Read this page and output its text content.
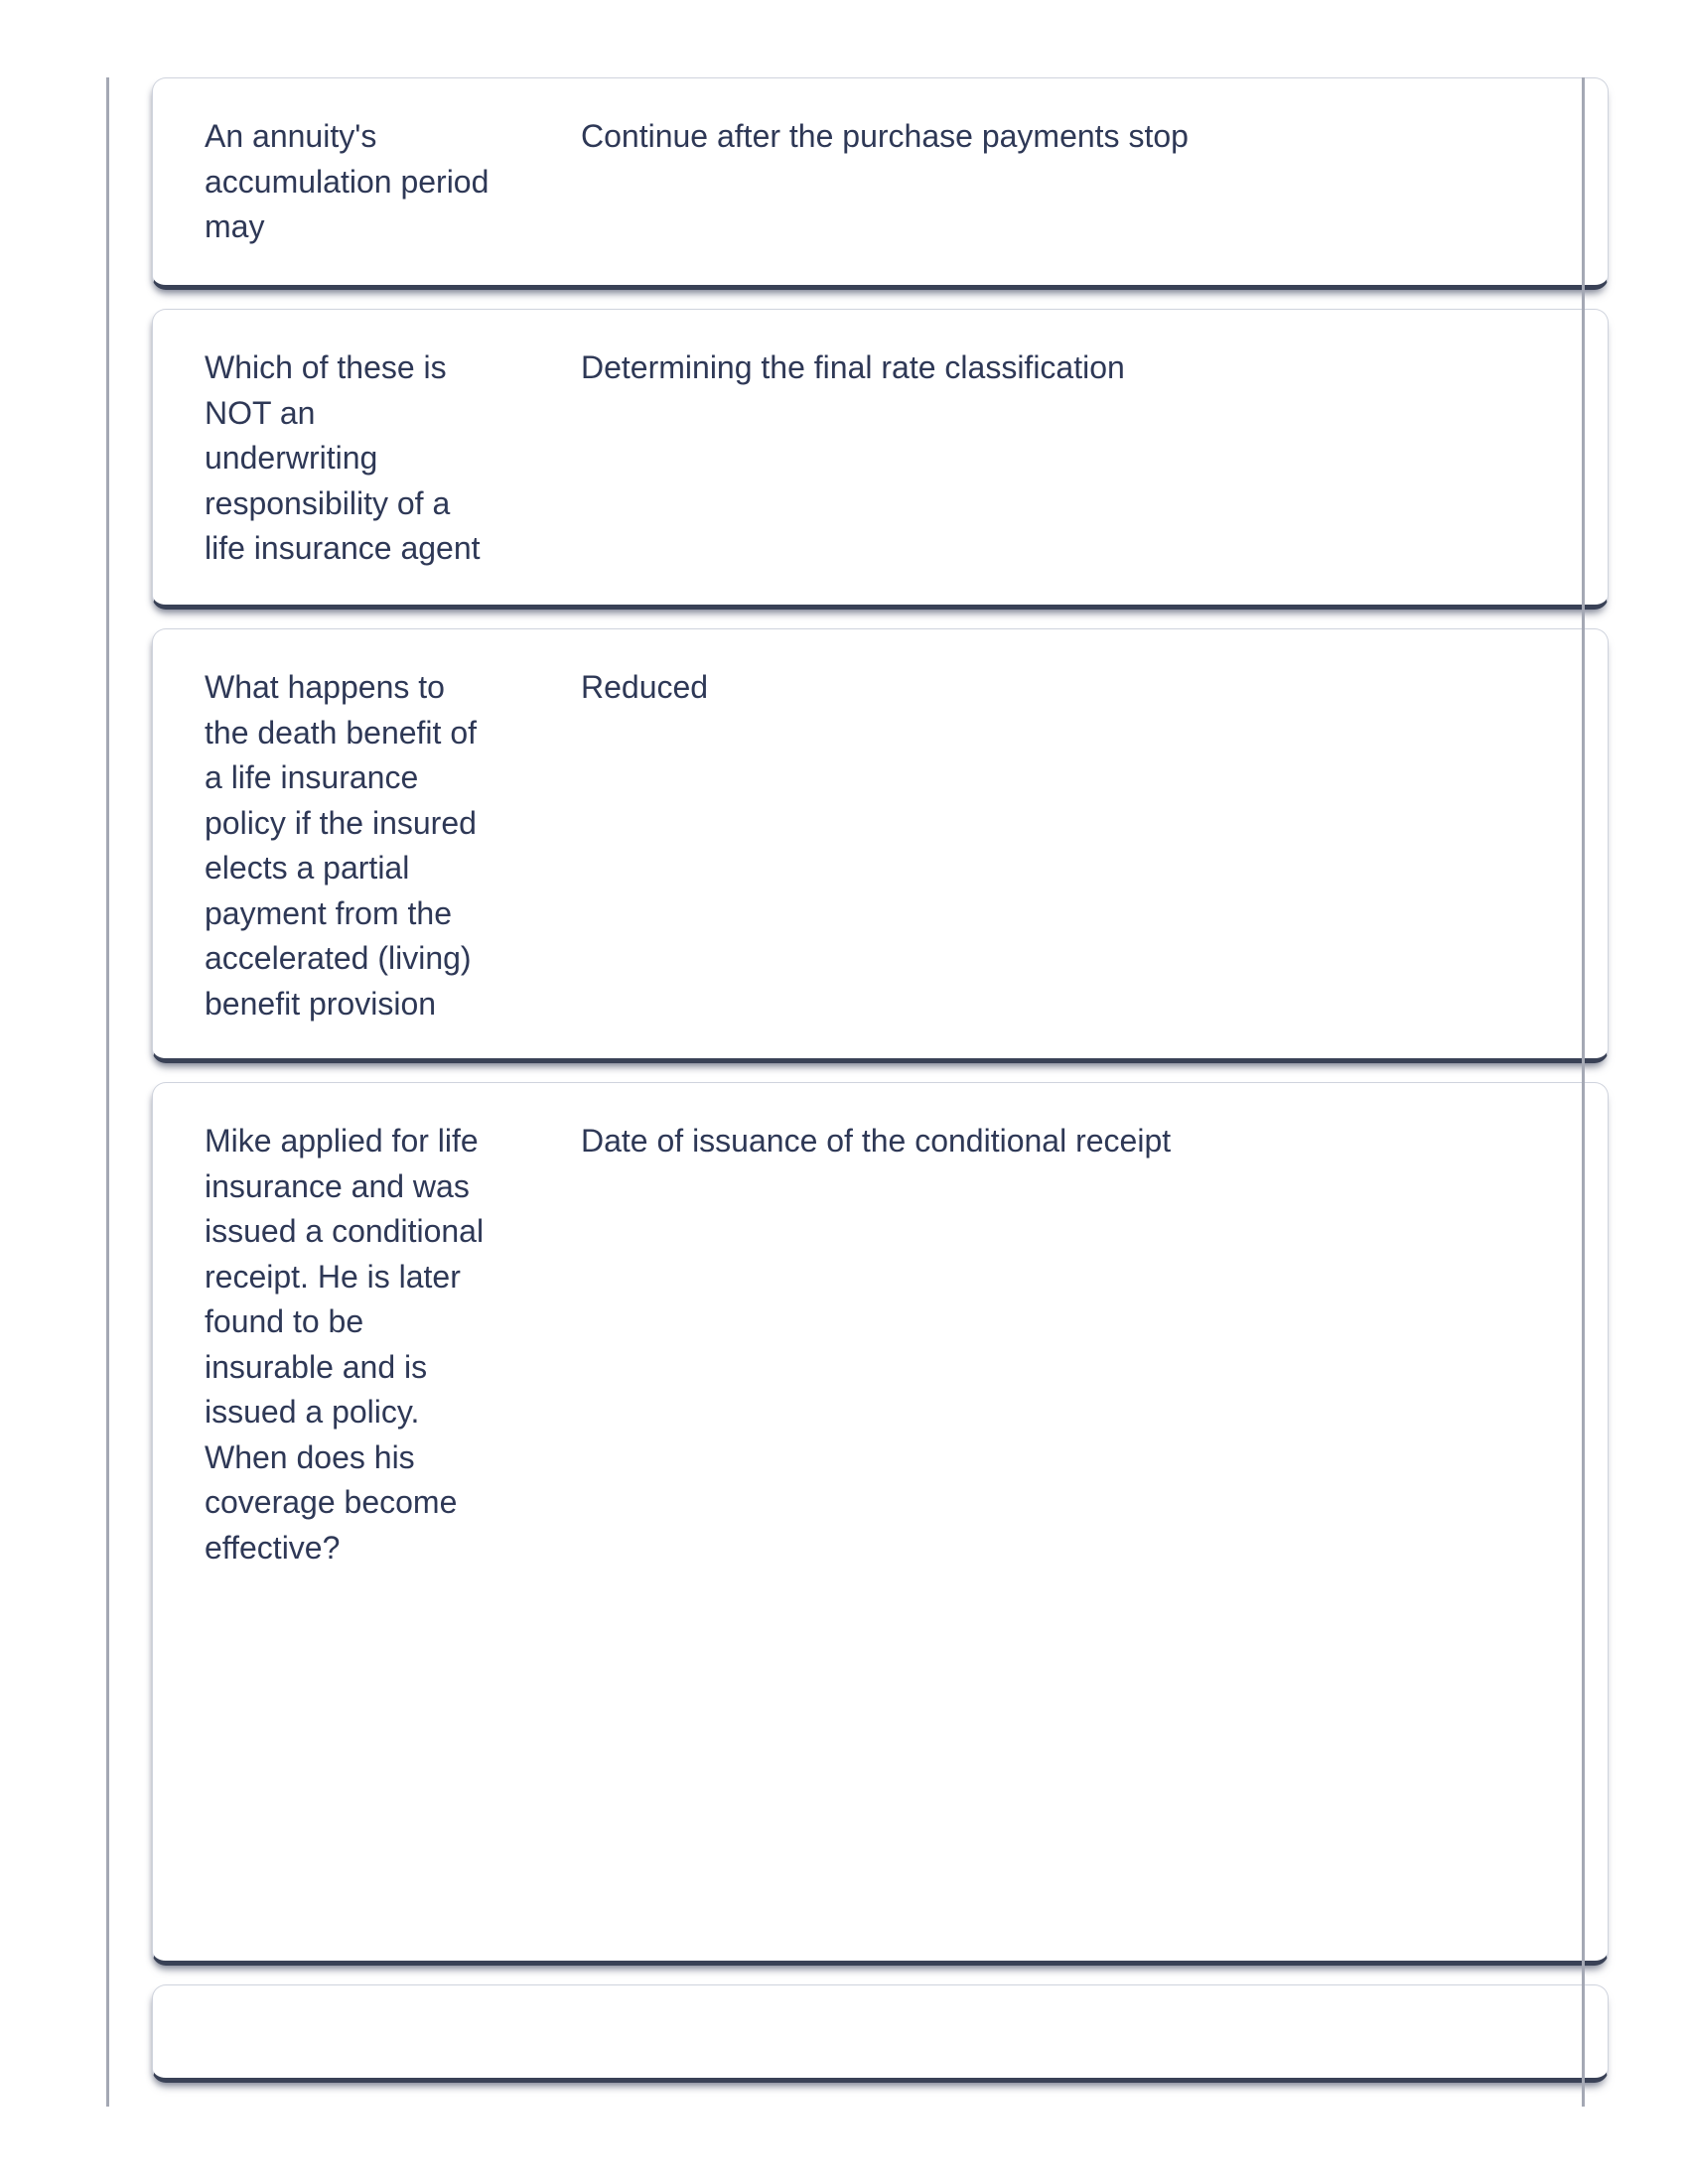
An annuity's accumulation period may
Continue after the purchase payments stop
Which of these is NOT an underwriting responsibility of a life insurance agent
Determining the final rate classification
What happens to the death benefit of a life insurance policy if the insured elects a partial payment from the accelerated (living) benefit provision
Reduced
Mike applied for life insurance and was issued a conditional receipt. He is later found to be insurable and is issued a policy. When does his coverage become effective?
Date of issuance of the conditional receipt
